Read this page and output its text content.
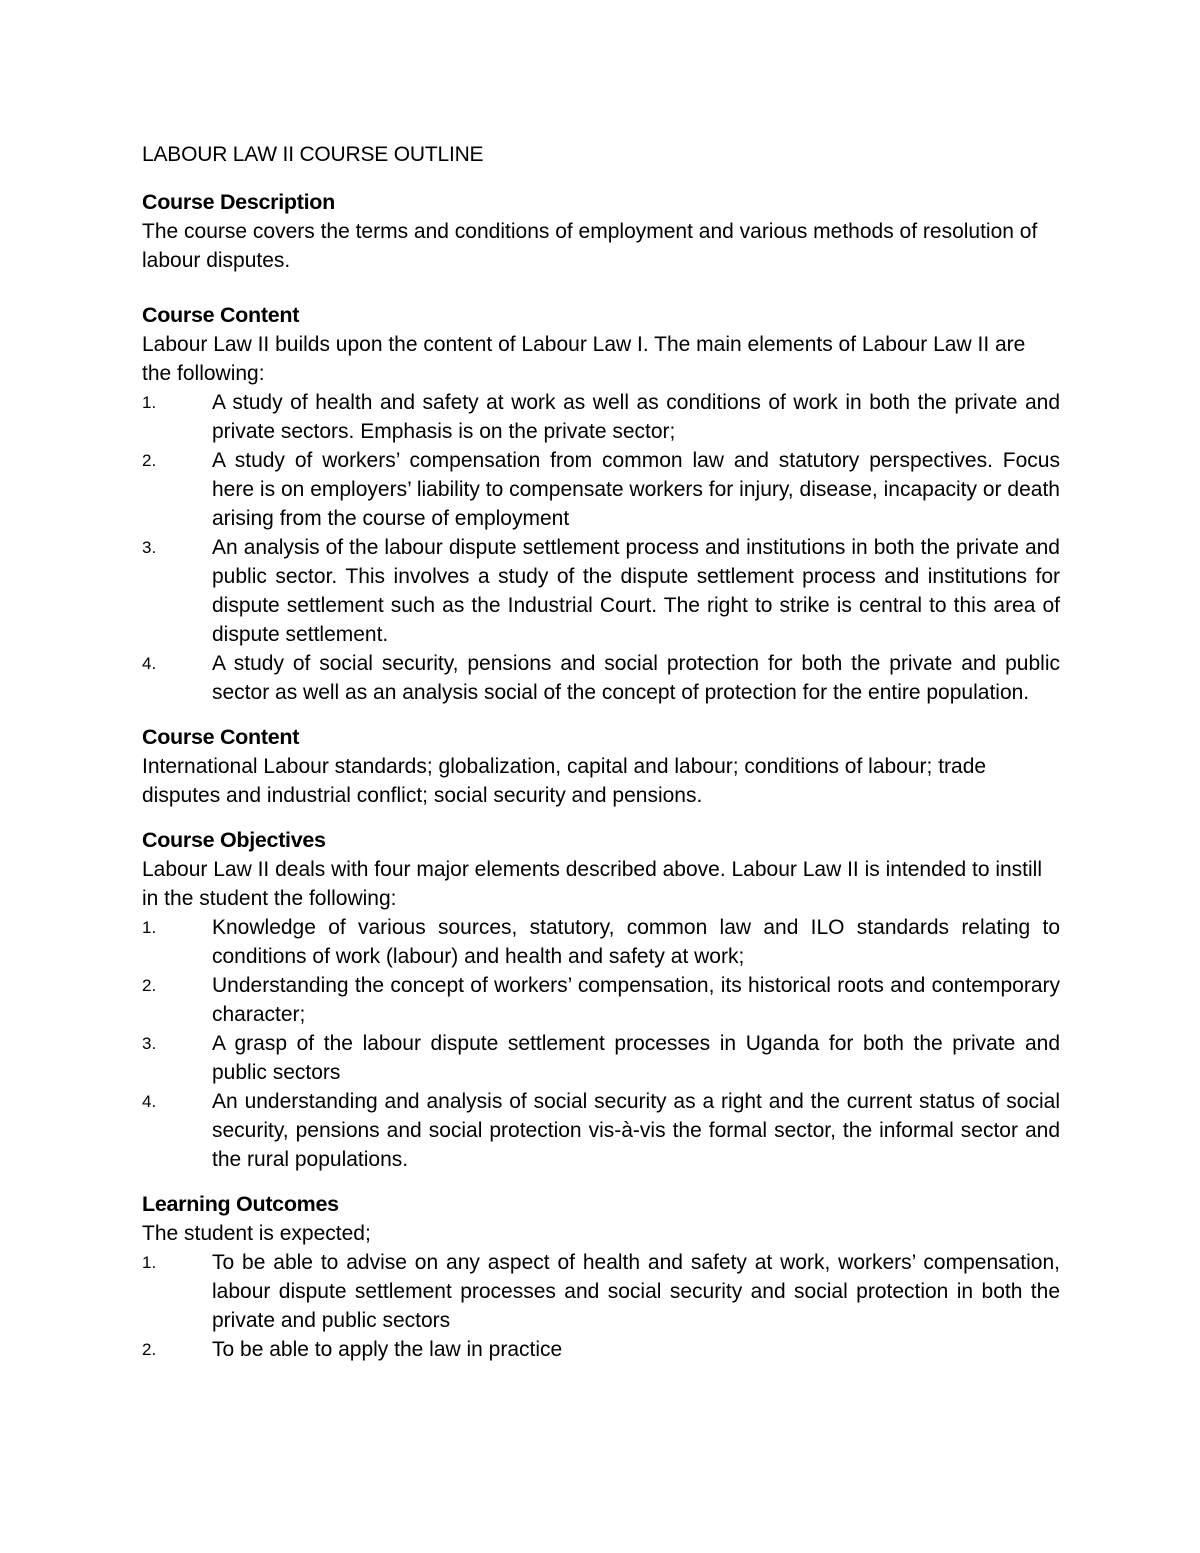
LABOUR LAW II COURSE OUTLINE
Course Description

The course covers the terms and conditions of employment and various methods of resolution of labour disputes.

Course Content

Labour Law II builds upon the content of Labour Law I. The main elements of Labour Law II are the following:

1.	A study of health and safety at work as well as conditions of work in both the private and private sectors. Emphasis is on the private sector;
2.	A study of workers’ compensation from common law and statutory perspectives. Focus here is on employers’ liability to compensate workers for injury, disease, incapacity or death arising from the course of employment
3.	An analysis of the labour dispute settlement process and institutions in both the private and public sector. This involves a study of the dispute settlement process and institutions for dispute settlement such as the Industrial Court. The right to strike is central to this area of dispute settlement.
4.	A study of social security, pensions and social protection for both the private and public sector as well as an analysis social of the concept of protection for the entire population.
Course Content

International Labour standards; globalization, capital and labour; conditions of labour; trade disputes and industrial conflict; social security and pensions.

Course Objectives

Labour Law II deals with four major elements described above. Labour Law II is intended to instill in the student the following:

1.	Knowledge of various sources, statutory, common law and ILO standards relating to conditions of work (labour) and health and safety at work;
2.	Understanding the concept of workers’ compensation, its historical roots and contemporary character;
3.	A grasp of the labour dispute settlement processes in Uganda for both the private and public sectors
4.	An understanding and analysis of social security as a right and the current status of social security, pensions and social protection vis-à-vis the formal sector, the informal sector and the rural populations.
Learning Outcomes

The student is expected;

1.	To be able to advise on any aspect of health and safety at work, workers’ compensation, labour dispute settlement processes and social security and social protection in both the private and public sectors
2.	To be able to apply the law in practice
